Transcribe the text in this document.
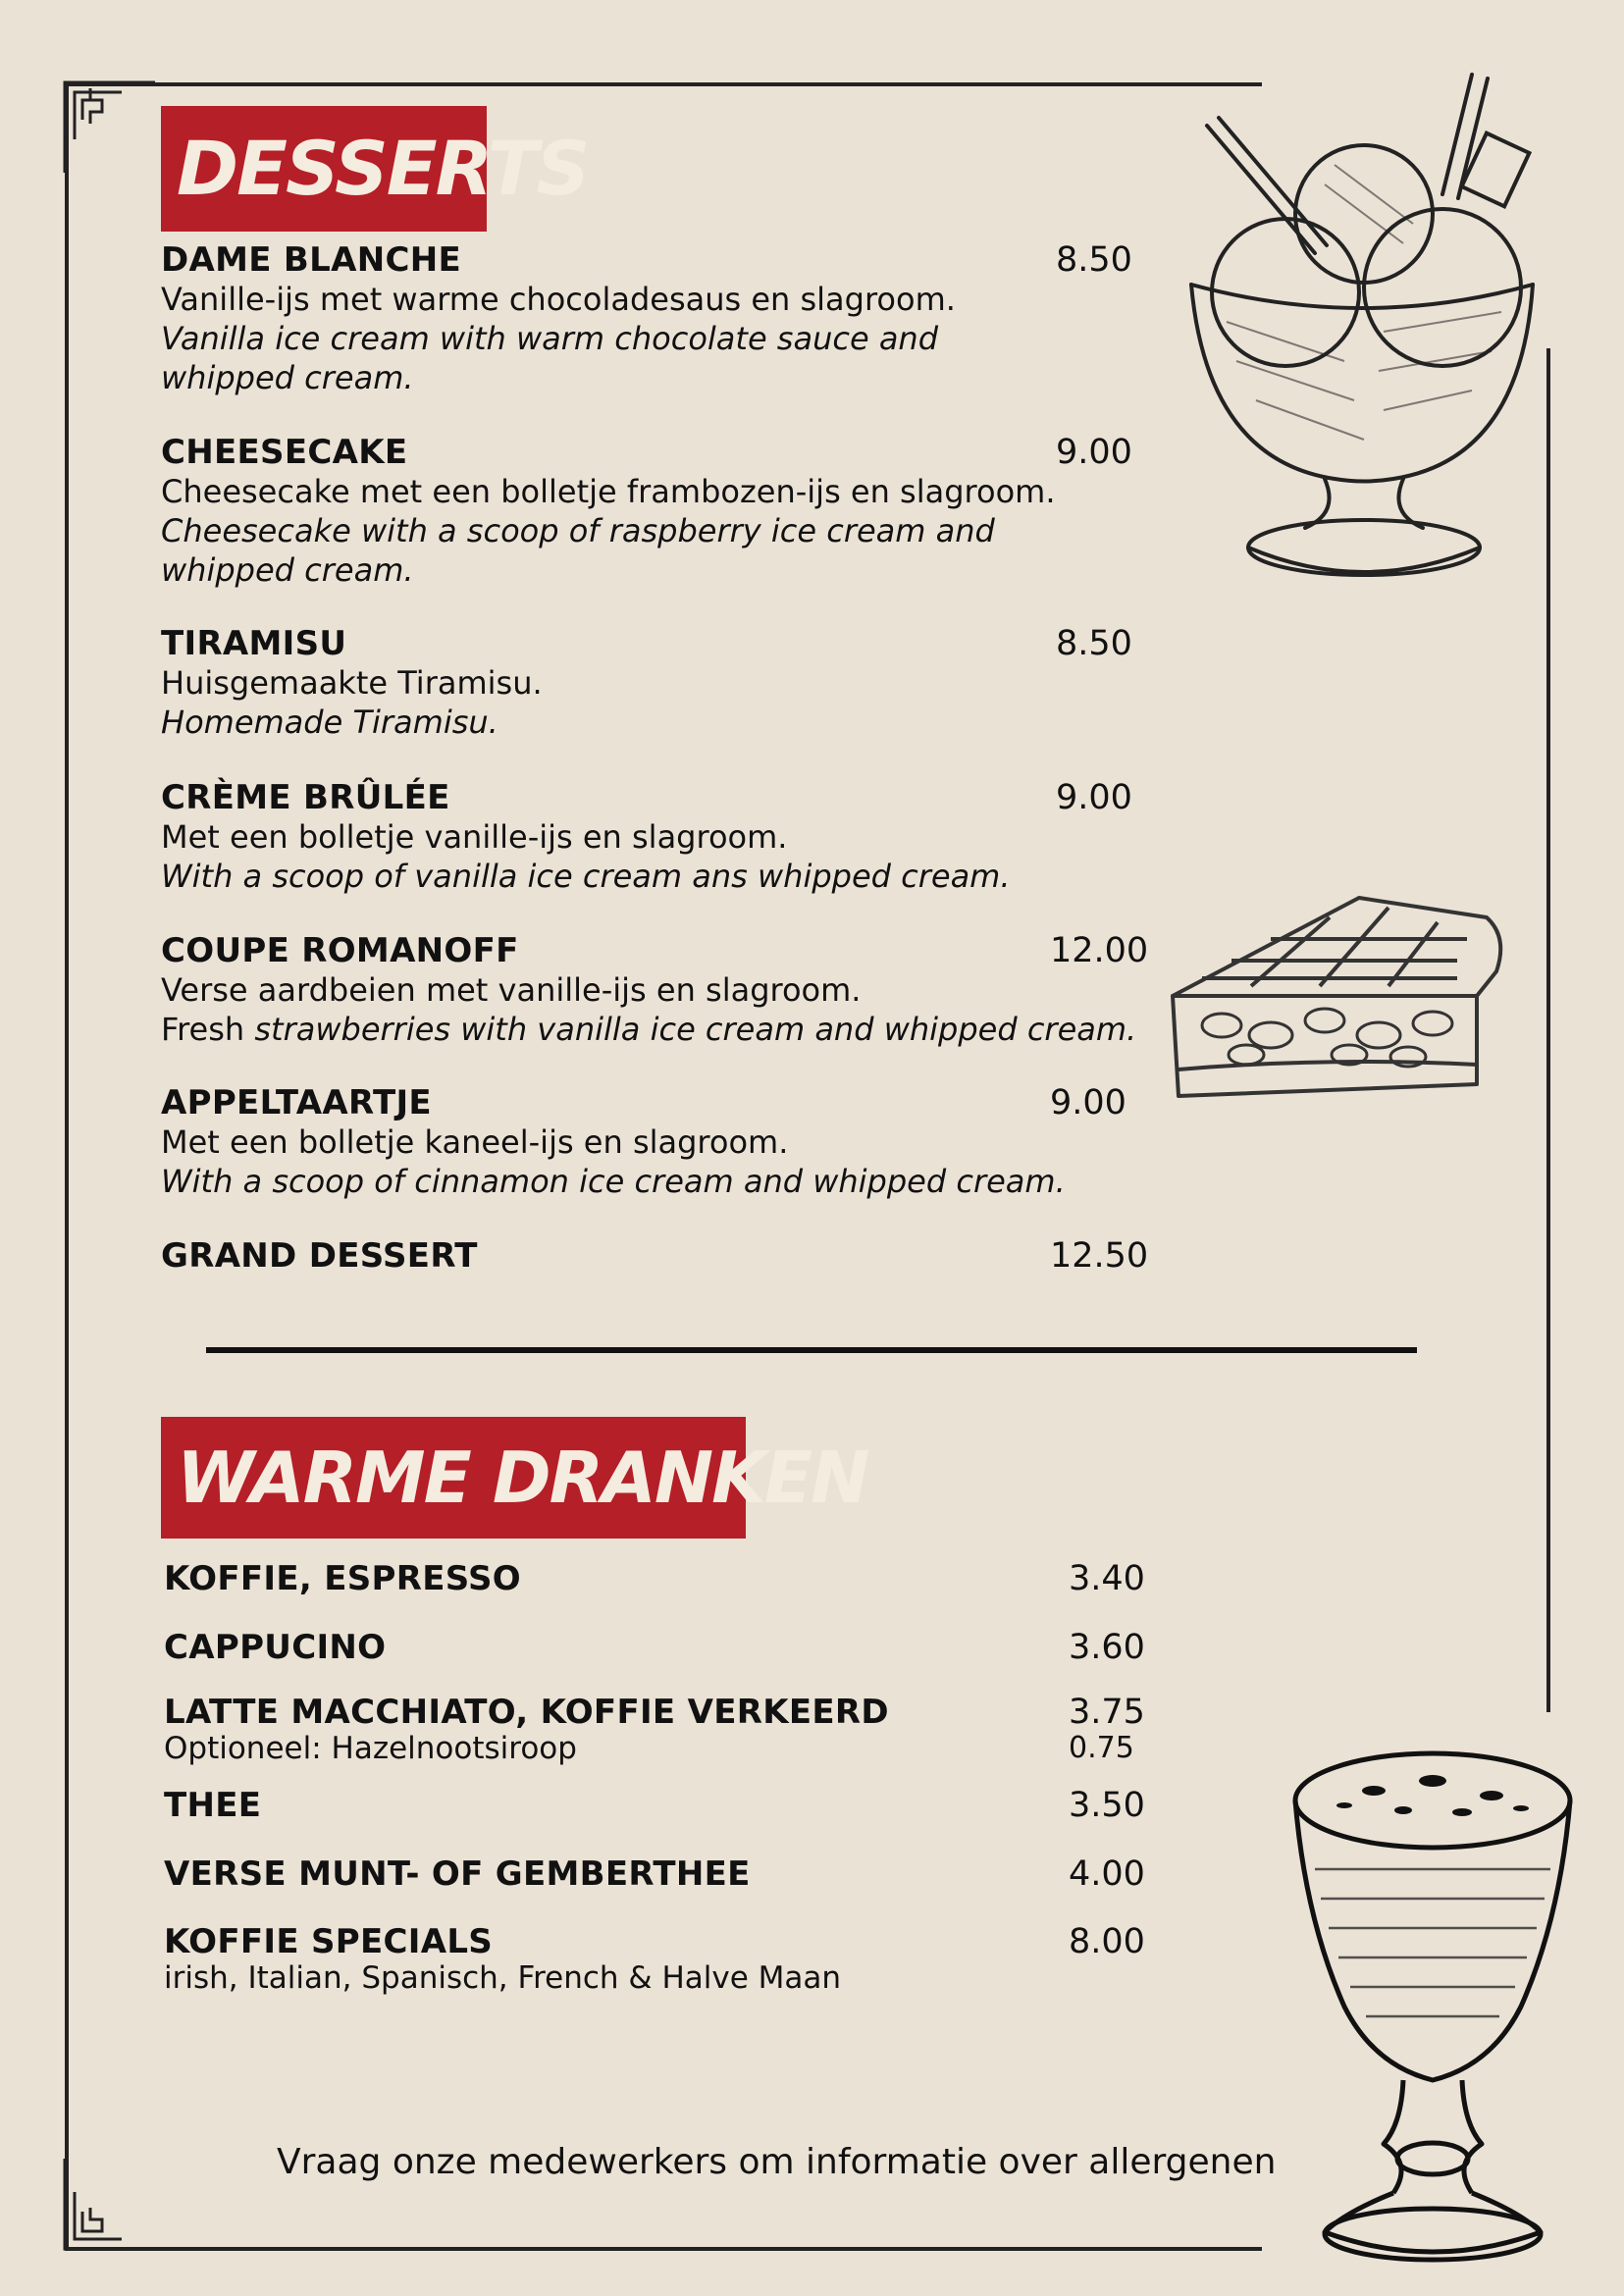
DESSERTS
DAME BLANCHE	8.50
Vanille-ijs met warme chocoladesaus en slagroom.
Vanilla ice cream with warm chocolate sauce and whipped cream.
CHEESECAKE	9.00
Cheesecake met een bolletje frambozen-ijs en slagroom.
Cheesecake with a scoop of raspberry ice cream and whipped cream.
TIRAMISU	8.50
Huisgemaakte Tiramisu.
Homemade Tiramisu.
CRÈME BRÛLÉE	9.00
Met een bolletje vanille-ijs en slagroom.
With a scoop of vanilla ice cream ans whipped cream.
COUPE ROMANOFF	12.00
Verse aardbeien met vanille-ijs en slagroom.
Fresh strawberries with vanilla ice cream and whipped cream.
APPELTAARTJE	9.00
Met een bolletje kaneel-ijs en slagroom.
With a scoop of cinnamon ice cream and whipped cream.
GRAND DESSERT	12.50
WARME DRANKEN
KOFFIE, ESPRESSO	3.40
CAPPUCINO	3.60
LATTE MACCHIATO, KOFFIE VERKEERD	3.75
Optioneel: Hazelnootsiroop	0.75
THEE	3.50
VERSE MUNT- OF GEMBERTHEE	4.00
KOFFIE SPECIALS	8.00
irish, Italian, Spanisch, French & Halve Maan
Vraag onze medewerkers om informatie over allergenen
